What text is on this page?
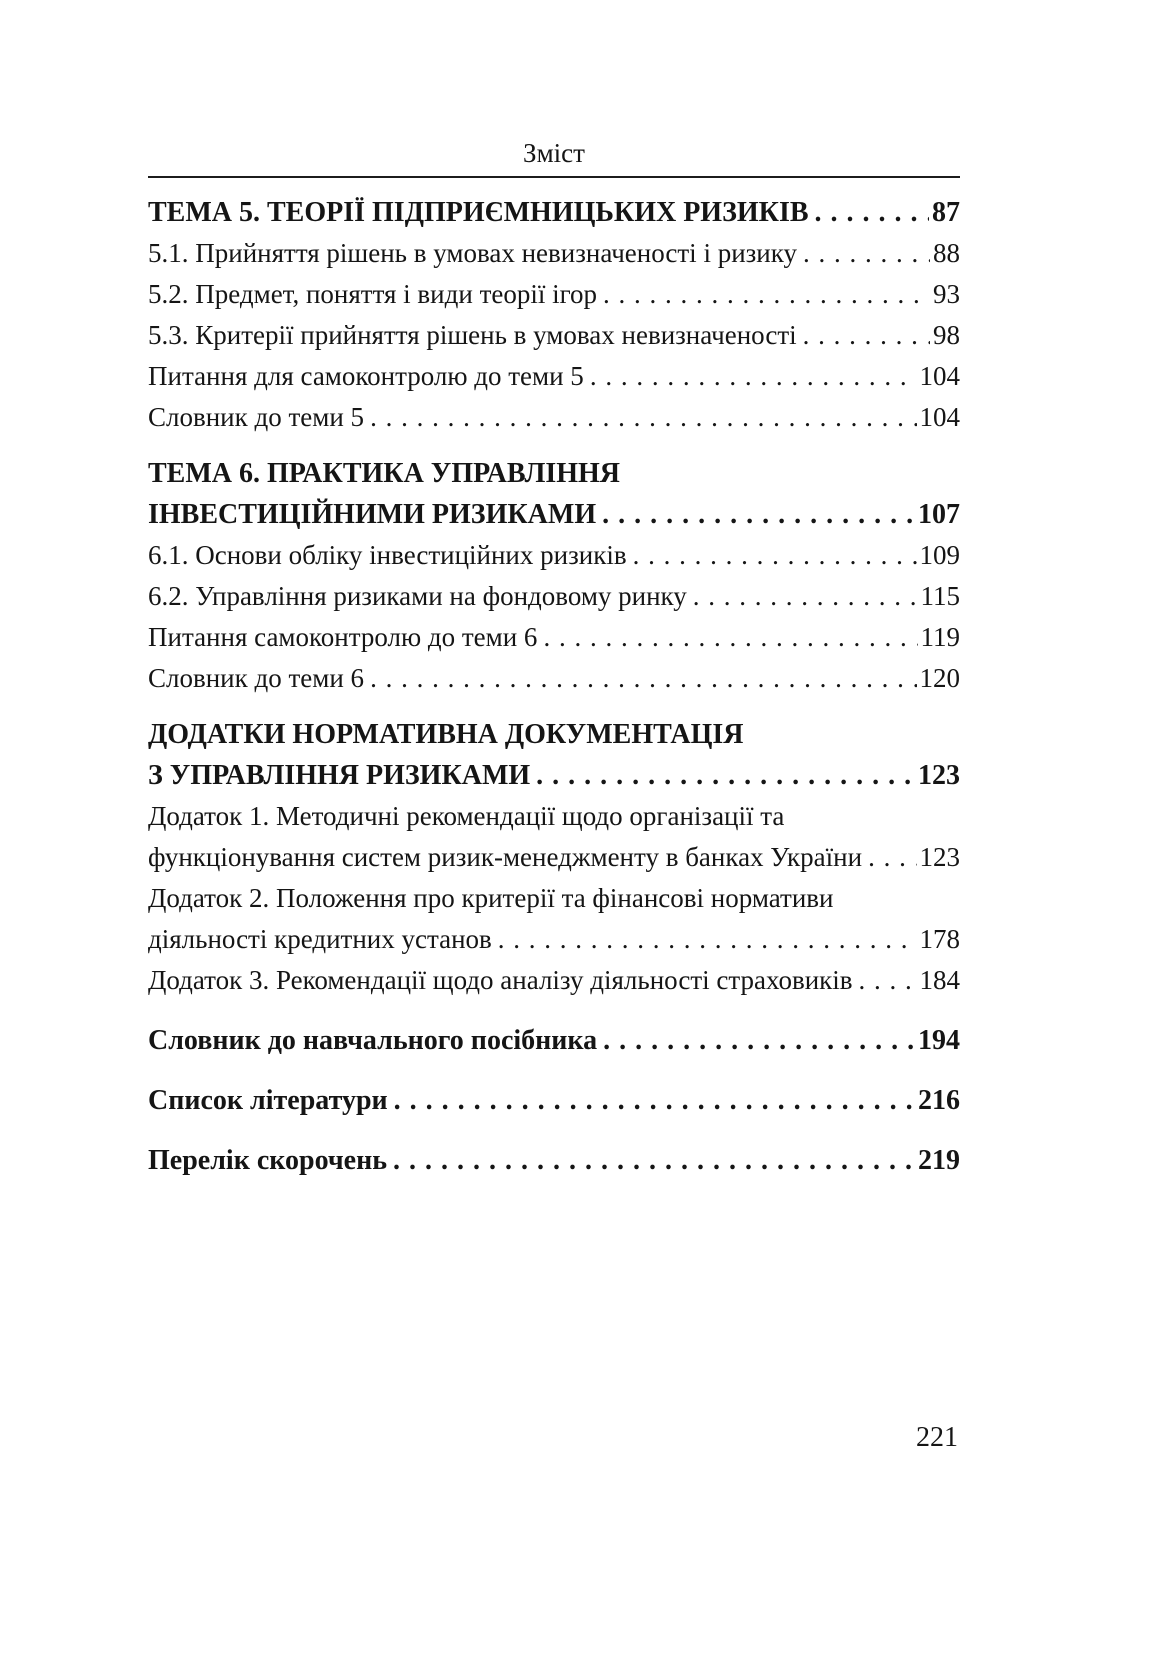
Зміст
ТЕМА 5. ТЕОРІЇ ПІДПРИЄМНИЦЬКИХ РИЗИКІВ . . .	87
5.1. Прийняття рішень в умовах невизначеності і ризику . . .	88
5.2. Предмет, поняття і види теорії ігор . . .	93
5.3. Критерії прийняття рішень в умовах невизначеності . . .	98
Питання для самоконтролю до теми 5 . . .	104
Словник до теми 5 . . .	104
ТЕМА 6. ПРАКТИКА УПРАВЛІННЯ
ІНВЕСТИЦІЙНИМИ РИЗИКАМИ . . .	107
6.1. Основи обліку інвестиційних ризиків . . .	109
6.2. Управління ризиками на фондовому ринку . . .	115
Питання самоконтролю до теми 6 . . .	119
Словник до теми 6 . . .	120
ДОДАТКИ НОРМАТИВНА ДОКУМЕНТАЦІЯ
З УПРАВЛІННЯ РИЗИКАМИ . . .	123
Додаток 1. Методичні рекомендації щодо організації та
функціонування систем ризик-менеджменту в банках України . . . 123
Додаток 2. Положення про критерії та фінансові нормативи
діяльності кредитних установ . . .	178
Додаток 3. Рекомендації щодо аналізу діяльності страховиків . . . 184
Словник до навчального посібника . . .	194
Список літератури . . .	216
Перелік скорочень . . .	219
221
